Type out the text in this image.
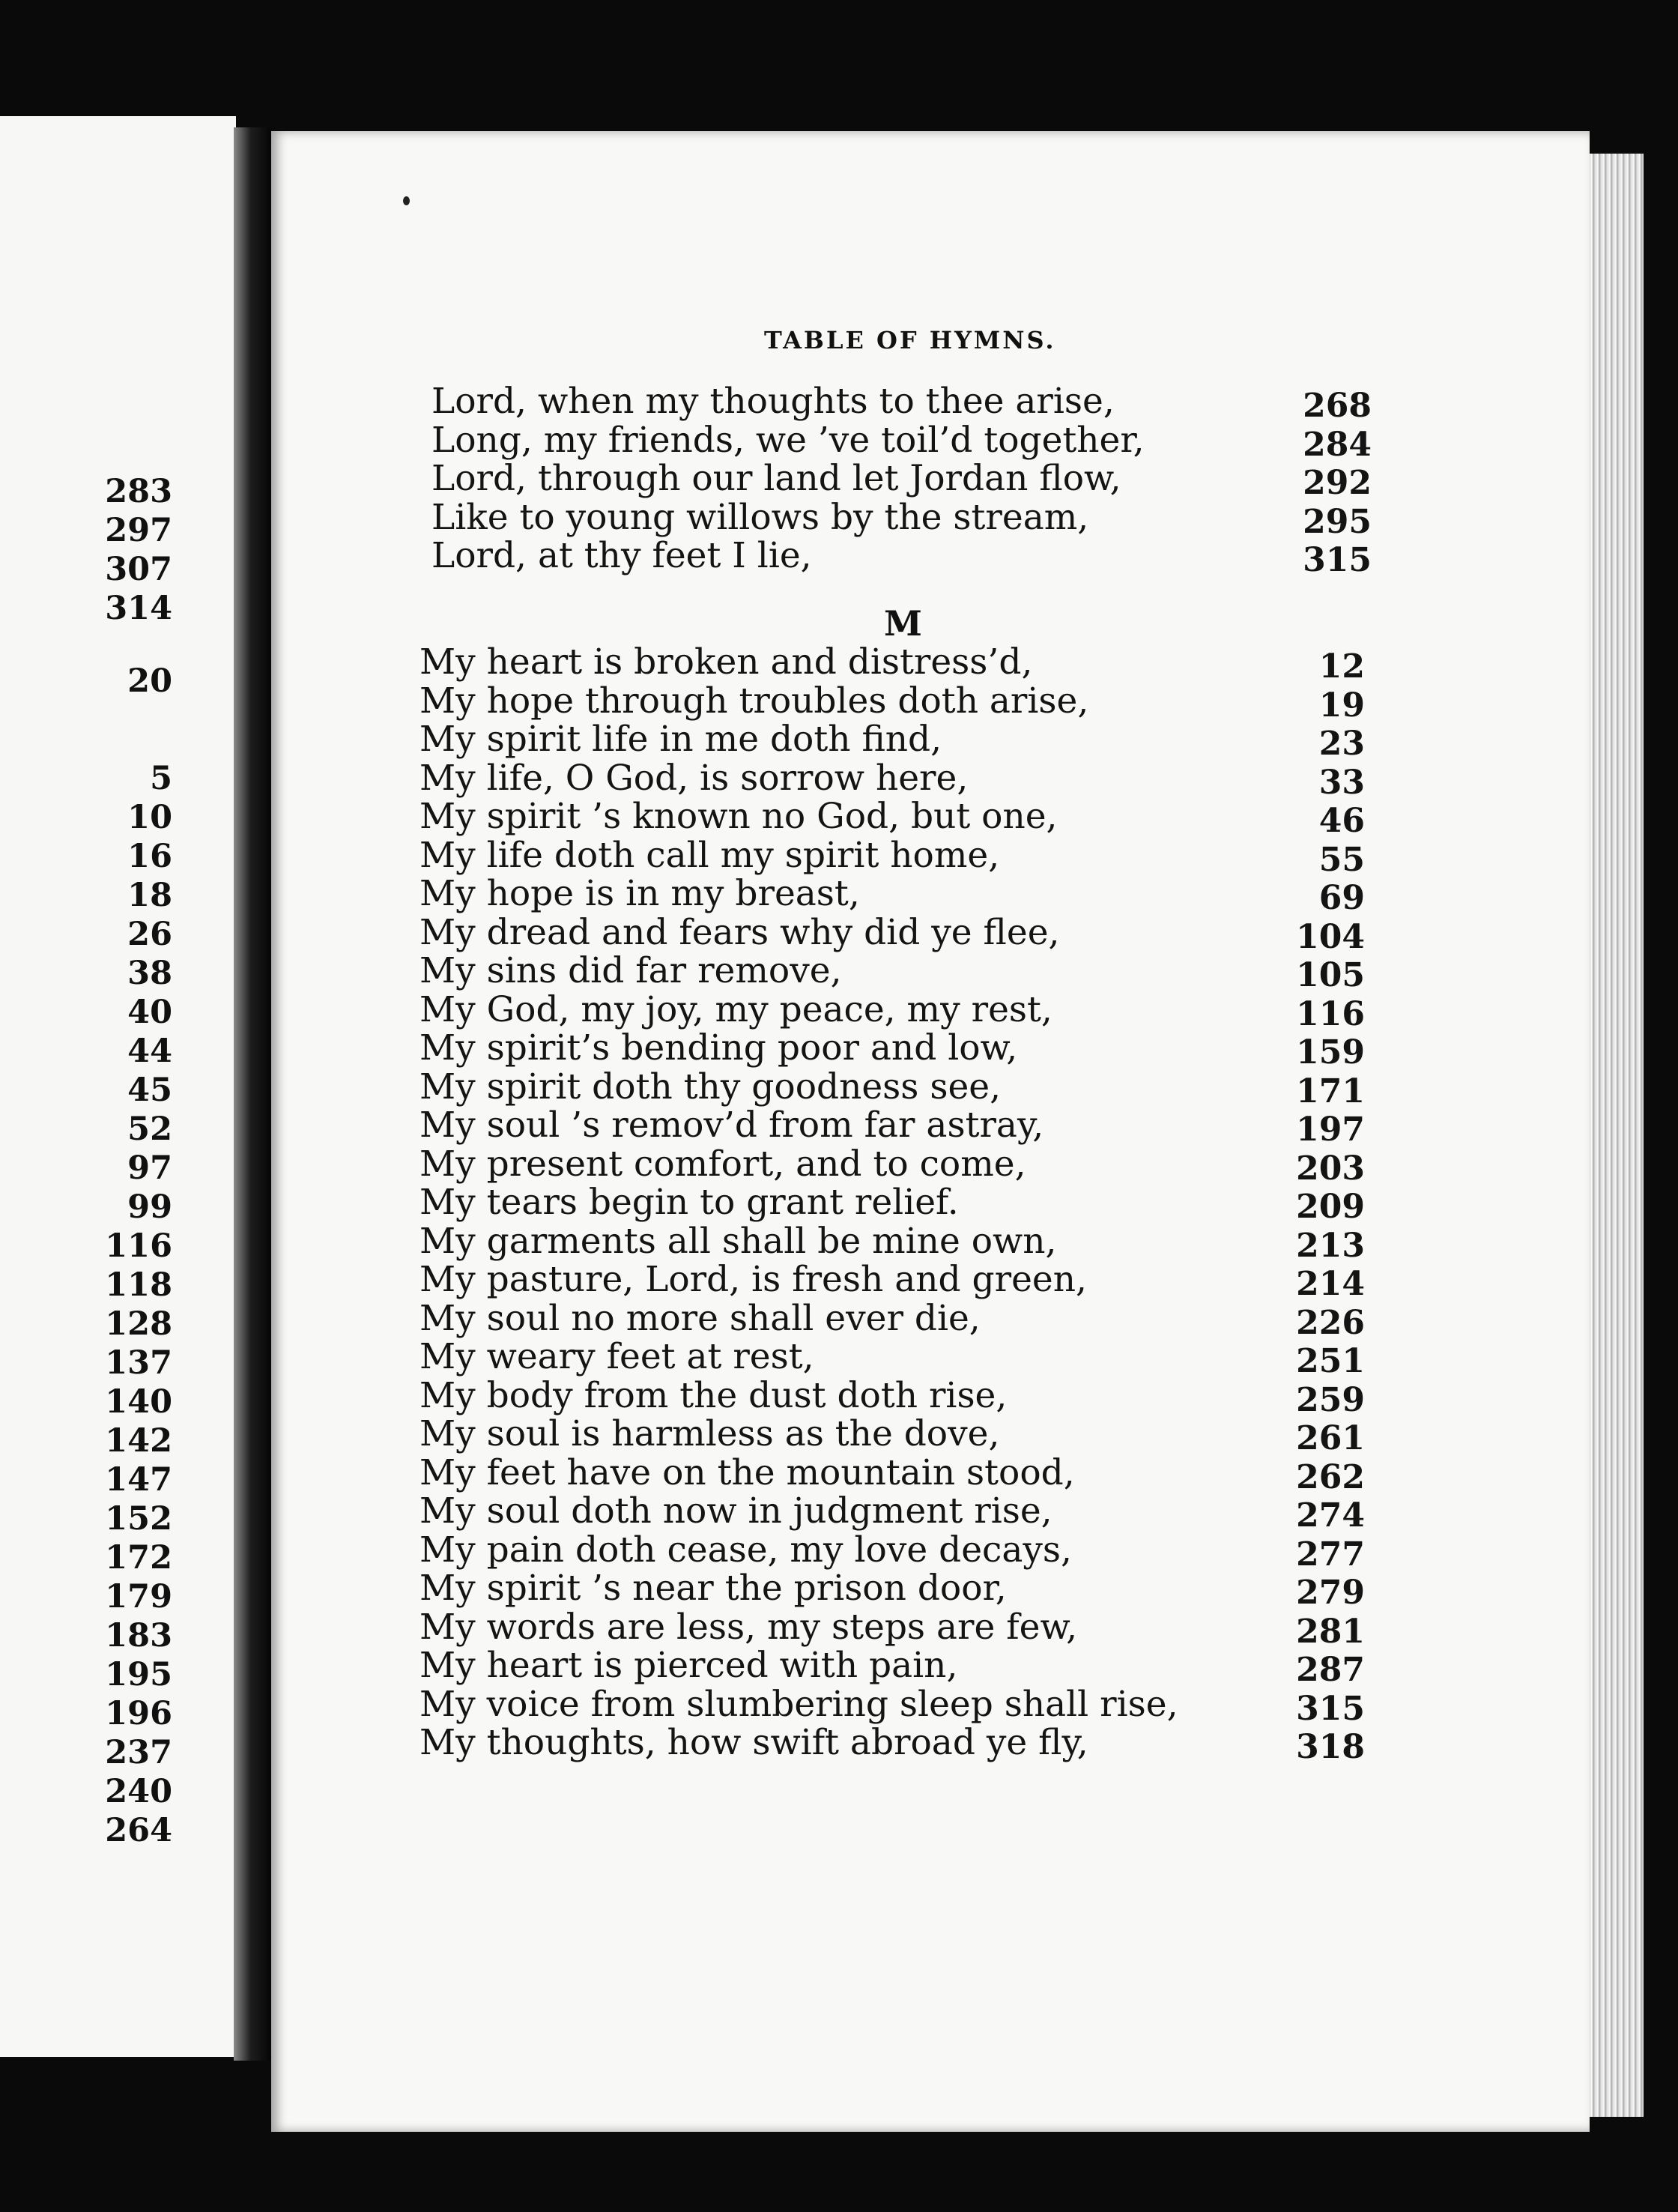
283
297
307
314
20
5
10
16
18
26
38
40
44
45
52
97
99
116
118
128
137
140
142
147
152
172
179
183
195
196
237
240
264
TABLE OF HYMNS.
Lord, when my thoughts to thee arise,	268
Long, my friends, we ’ve toil’d together,	284
Lord, through our land let Jordan flow,	292
Like to young willows by the stream,	295
Lord, at thy feet I lie,	315
M
My heart is broken and distress’d,	12
My hope through troubles doth arise,	19
My spirit life in me doth find,	23
My life, O God, is sorrow here,	33
My spirit ’s known no God, but one,	46
My life doth call my spirit home,	55
My hope is in my breast,	69
My dread and fears why did ye flee,	104
My sins did far remove,	105
My God, my joy, my peace, my rest,	116
My spirit’s bending poor and low,	159
My spirit doth thy goodness see,	171
My soul ’s remov’d from far astray,	197
My present comfort, and to come,	203
My tears begin to grant relief.	209
My garments all shall be mine own,	213
My pasture, Lord, is fresh and green,	214
My soul no more shall ever die,	226
My weary feet at rest,	251
My body from the dust doth rise,	259
My soul is harmless as the dove,	261
My feet have on the mountain stood,	262
My soul doth now in judgment rise,	274
My pain doth cease, my love decays,	277
My spirit ’s near the prison door,	279
My words are less, my steps are few,	281
My heart is pierced with pain,	287
My voice from slumbering sleep shall rise,	315
My thoughts, how swift abroad ye fly,	318
